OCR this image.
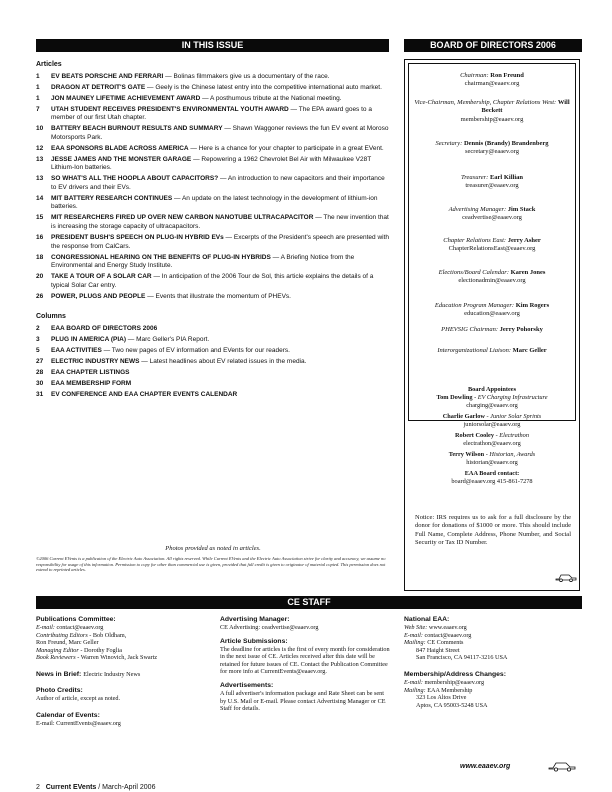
IN THIS ISSUE	BOARD OF DIRECTORS 2006
Articles
1	EV BEATS PORSCHE AND FERRARI — Bolinas filmmakers give us a documentary of the race.
1	DRAGON AT DETROIT'S GATE — Geely is the Chinese latest entry into the competitive international auto market.
1	JON MAUNEY LIFETIME ACHIEVEMENT AWARD — A posthumous tribute at the National meeting.
7	UTAH STUDENT RECEIVES PRESIDENT'S ENVIRONMENTAL YOUTH AWARD — The EPA award goes to a member of our first Utah chapter.
10	BATTERY BEACH BURNOUT RESULTS AND SUMMARY — Shawn Waggoner reviews the fun EV event at Moroso Motorsports Park.
12	EAA SPONSORS BLADE ACROSS AMERICA — Here is a chance for your chapter to participate in a great EVent.
13	JESSE JAMES AND THE MONSTER GARAGE — Repowering a 1962 Chevrolet Bel Air with Milwaukee V28T Lithium-Ion batteries.
13	SO WHAT'S ALL THE HOOPLA ABOUT CAPACITORS? — An introduction to new capacitors and their importance to EV drivers and their EVs.
14	MIT BATTERY RESEARCH CONTINUES — An update on the latest technology in the development of lithium-ion batteries.
15	MIT RESEARCHERS FIRED UP OVER NEW CARBON NANOTUBE ULTRACAPACITOR — The new invention that is increasing the storage capacity of ultracapacitors.
16	PRESIDENT BUSH'S SPEECH ON PLUG-IN HYBRID EVs — Excerpts of the President's speech are presented with the response from CalCars.
18	CONGRESSIONAL HEARING ON THE BENEFITS OF PLUG-IN HYBRIDS — A Briefing Notice from the Environmental and Energy Study Institute.
20	TAKE A TOUR OF A SOLAR CAR — In anticipation of the 2006 Tour de Sol, this article explains the details of a typical Solar Car entry.
26	POWER, PLUGS AND PEOPLE — Events that illustrate the momentum of PHEVs.
Columns
2	EAA BOARD OF DIRECTORS 2006
3	PLUG IN AMERICA (PIA) — Marc Geller's PIA Report.
5	EAA ACTIVITIES — Two new pages of EV information and EVents for our readers.
27	ELECTRIC INDUSTRY NEWS — Latest headlines about EV related issues in the media.
28	EAA CHAPTER LISTINGS
30	EAA MEMBERSHIP FORM
31	EV CONFERENCE AND EAA CHAPTER EVENTS CALENDAR
Photos provided as noted in articles.
©2006 Current EVents is a publication of the Electric Auto Association. All rights reserved. While Current EVents and the Electric Auto Association strive for clarity and accuracy, we assume no responsibility for usage of this information. Permission to copy for other than commercial use is given, provided that full credit is given to originator of material copied. This permission does not extend to reprinted articles.
Chairman: Ron Freund
chairman@eaaev.org
Vice-Chairman, Membership, Chapter Relations West: Will Beckett
membership@eaaev.org
Secretary: Dennis (Brandy) Brandenberg
secretary@eaaev.org
Treasurer: Earl Killian
treasurer@eaaev.org
Advertising Manager: Jim Stack
ceadvertise@eaaev.org
Chapter Relations East: Jerry Asher
ChapterRelationsEast@eaaev.org
Elections/Board Calendar: Karen Jones
electionadmin@eaaev.org
Education Program Manager: Kim Rogers
education@eaaev.org
PHEVSIG Chairman: Jerry Pohorsky
Interorganizational Liaison: Marc Geller
Board Appointees
Tom Dowling - EV Charging Infrastructure
charging@eaaev.org
Charlie Garlow - Junior Solar Sprints
juniorsolar@eaaev.org
Robert Cooley - Electrathon
electrathon@eaaev.org
Terry Wilson - Historian, Awards
historian@eaaev.org
EAA Board contact:
board@eaaev.org 415-861-7278
Notice: IRS requires us to ask for a full disclosure by the donor for donations of $1000 or more. This should include Full Name, Complete Address, Phone Number, and Social Security or Tax ID Number.
CE STAFF
Publications Committee:
E-mail: contact@eaaev.org
Contributing Editors - Bob Oldham,
Ron Freund, Marc Geller
Managing Editor - Dorothy Foglia
Book Reviewers - Warren Winovich, Jack Swartz
News in Brief: Electric Industry News
Photo Credits:
Author of article, except as noted.
Calendar of Events:
E-mail: CurrentEvents@eaaev.org
Advertising Manager:
CE Advertising: ceadvertise@eaaev.org
Article Submissions:
The deadline for articles is the first of every month for consideration in the next issue of CE. Articles received after this date will be retained for future issues of CE. Contact the Publication Committee for more info at CurrentEvents@eaaev.org.
Advertisements:
A full advertiser's information package and Rate Sheet can be sent by U.S. Mail or E-mail. Please contact Advertising Manager or CE Staff for details.
National EAA:
Web Site: www.eaaev.org
E-mail: contact@eaaev.org
Mailing: CE Comments
847 Haight Street
San Francisco, CA 94117-3216 USA
Membership/Address Changes:
E-mail: membership@eaaev.org
Mailing: EAA Membership
323 Los Altos Drive
Aptos, CA 95003-5248 USA
www.eaaev.org
2 Current EVents / March-April 2006
